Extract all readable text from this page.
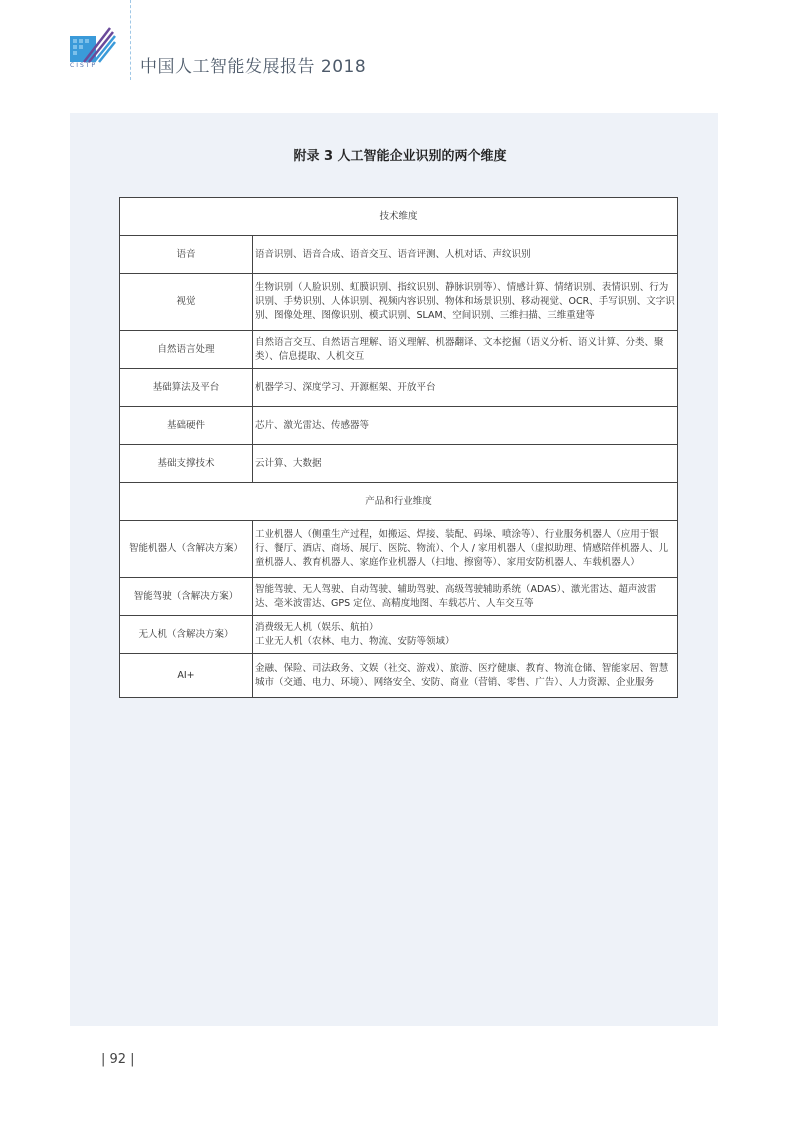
CISTP	中国人工智能发展报告 2018
附录 3 人工智能企业识别的两个维度
技术维度	
语音	语音识别、语音合成、语音交互、语音评测、人机对话、声纹识别
视觉	生物识别（人脸识别、虹膜识别、指纹识别、静脉识别等）、情感计算、情绪识别、表情识别、行为识别、手势识别、人体识别、视频内容识别、物体和场景识别、移动视觉、OCR、手写识别、文字识别、图像处理、图像识别、模式识别、SLAM、空间识别、三维扫描、三维重建等
自然语言处理	自然语言交互、自然语言理解、语义理解、机器翻译、文本挖掘（语义分析、语义计算、分类、聚类）、信息提取、人机交互
基础算法及平台	机器学习、深度学习、开源框架、开放平台
基础硬件	芯片、激光雷达、传感器等
基础支撑技术	云计算、大数据
产品和行业维度	
智能机器人（含解决方案）	工业机器人（侧重生产过程，如搬运、焊接、装配、码垛、喷涂等）、行业服务机器人（应用于银行、餐厅、酒店、商场、展厅、医院、物流）、个人 / 家用机器人（虚拟助理、情感陪伴机器人、儿童机器人、教育机器人、家庭作业机器人（扫地、擦窗等）、家用安防机器人、车载机器人）
智能驾驶（含解决方案）	智能驾驶、无人驾驶、自动驾驶、辅助驾驶、高级驾驶辅助系统（ADAS）、激光雷达、超声波雷达、毫米波雷达、GPS 定位、高精度地图、车载芯片、人车交互等
无人机（含解决方案）	消费级无人机（娱乐、航拍）
工业无人机（农林、电力、物流、安防等领域）

AI+	金融、保险、司法政务、文娱（社交、游戏）、旅游、医疗健康、教育、物流仓储、智能家居、智慧城市（交通、电力、环境）、网络安全、安防、商业（营销、零售、广告）、人力资源、企业服务
| 92 |
